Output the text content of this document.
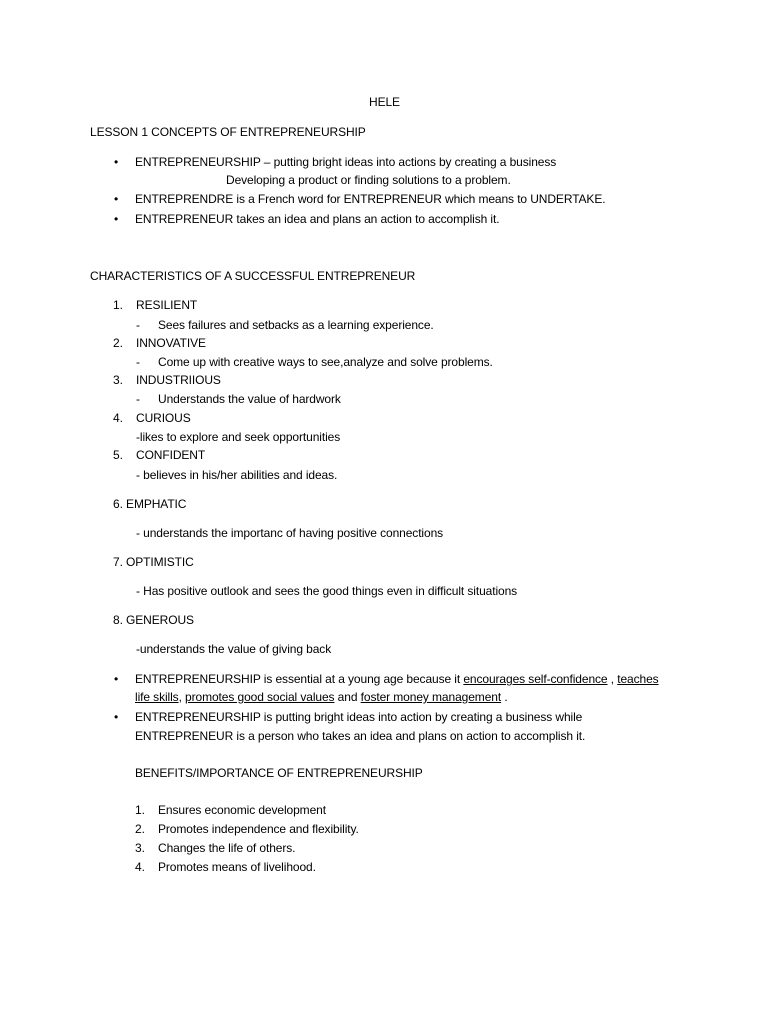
HELE
LESSON 1 CONCEPTS OF ENTREPRENEURSHIP
• ENTREPRENEURSHIP – putting bright ideas into actions by creating a business
Developing a product or finding solutions to a problem.
• ENTREPRENDRE is a French word for ENTREPRENEUR which means to UNDERTAKE.
• ENTREPRENEUR takes an idea and plans an action to accomplish it.
CHARACTERISTICS OF A SUCCESSFUL ENTREPRENEUR
1. RESILIENT
- Sees failures and setbacks as a learning experience.
2. INNOVATIVE
- Come up with creative ways to see,analyze and solve problems.
3. INDUSTRIIOUS
- Understands the value of hardwork
4. CURIOUS
-likes to explore and seek opportunities
5. CONFIDENT
- believes in his/her abilities and ideas.
6. EMPHATIC
- understands the importanc of having positive connections
7. OPTIMISTIC
- Has positive outlook and sees the good things even in difficult situations
8. GENEROUS
-understands the value of giving back
• ENTREPRENEURSHIP is essential at a young age because it encourages self-confidence , teaches
life skills, promotes good social values and foster money management .
• ENTREPRENEURSHIP is putting bright ideas into action by creating a business while
ENTREPRENEUR is a person who takes an idea and plans on action to accomplish it.
BENEFITS/IMPORTANCE OF ENTREPRENEURSHIP
1. Ensures economic development
2. Promotes independence and flexibility.
3. Changes the life of others.
4. Promotes means of livelihood.
